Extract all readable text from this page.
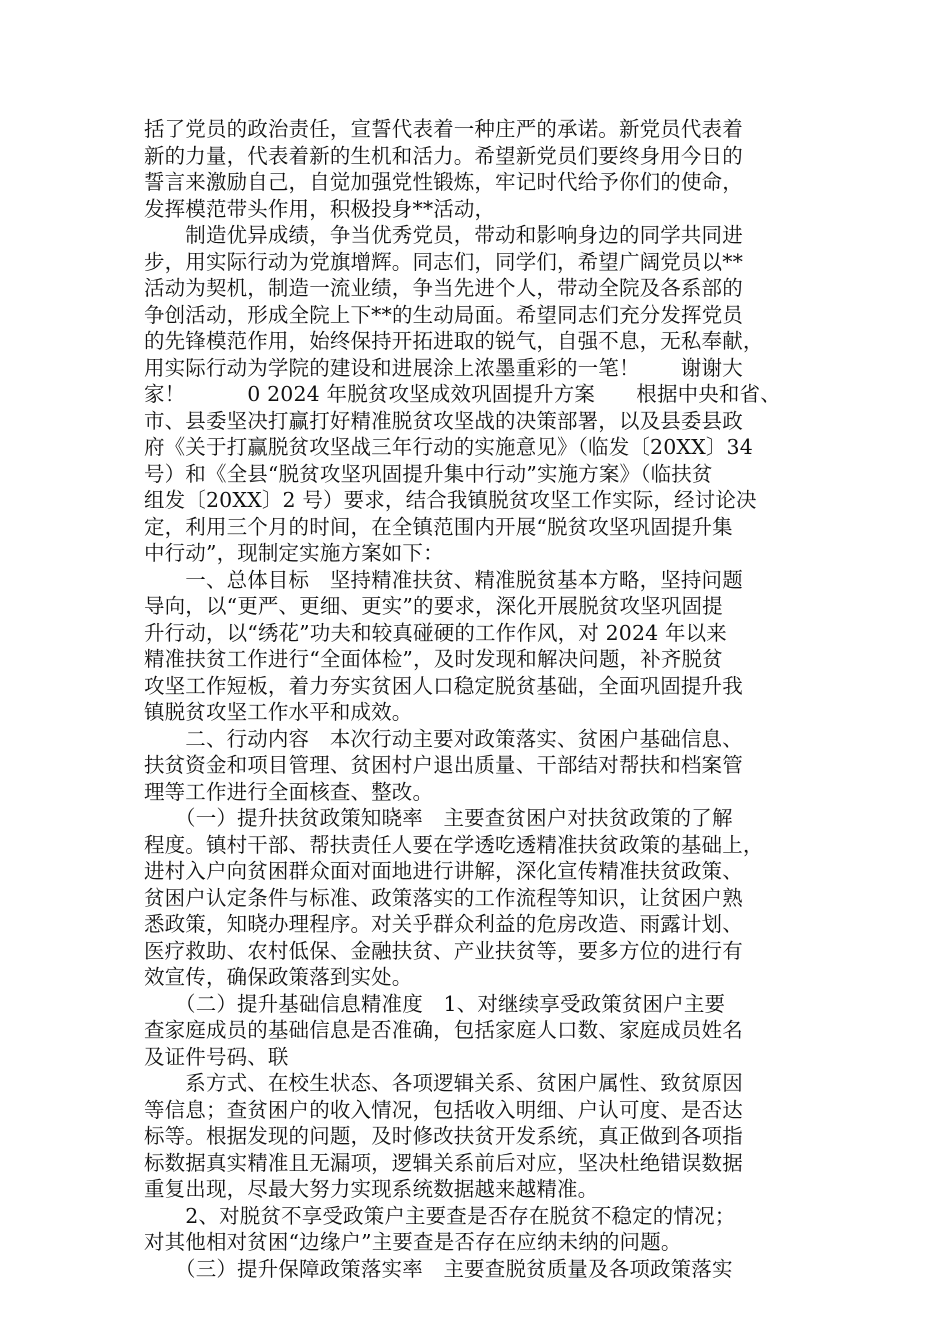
括了党员的政治责任，宣誓代表着一种庄严的承诺。新党员代表着
新的力量，代表着新的生机和活力。希望新党员们要终身用今日的
誓言来激励自己，自觉加强党性锻炼，牢记时代给予你们的使命，
发挥模范带头作用，积极投身**活动，
　　制造优异成绩，争当优秀党员，带动和影响身边的同学共同进
步，用实际行动为党旗增辉。同志们，同学们，希望广阔党员以**
活动为契机，制造一流业绩，争当先进个人，带动全院及各系部的
争创活动，形成全院上下**的生动局面。希望同志们充分发挥党员
的先锋模范作用，始终保持开拓进取的锐气，自强不息，无私奉献，
用实际行动为学院的建设和进展涂上浓墨重彩的一笔！　　谢谢大
家！　　　0 2024 年脱贫攻坚成效巩固提升方案　　根据中央和省、
市、县委坚决打赢打好精准脱贫攻坚战的决策部署，以及县委县政
府《关于打赢脱贫攻坚战三年行动的实施意见》（临发〔20XX〕34
号）和《全县“脱贫攻坚巩固提升集中行动”实施方案》（临扶贫
组发〔20XX〕2 号）要求，结合我镇脱贫攻坚工作实际，经讨论决
定，利用三个月的时间，在全镇范围内开展“脱贫攻坚巩固提升集
中行动”，现制定实施方案如下：
　　一、总体目标　坚持精准扶贫、精准脱贫基本方略，坚持问题
导向，以“更严、更细、更实”的要求，深化开展脱贫攻坚巩固提
升行动，以“绣花”功夫和较真碰硬的工作作风，对 2024 年以来
精准扶贫工作进行“全面体检”，及时发现和解决问题，补齐脱贫
攻坚工作短板，着力夯实贫困人口稳定脱贫基础，全面巩固提升我
镇脱贫攻坚工作水平和成效。
　　二、行动内容　本次行动主要对政策落实、贫困户基础信息、
扶贫资金和项目管理、贫困村户退出质量、干部结对帮扶和档案管
理等工作进行全面核查、整改。
　　（一）提升扶贫政策知晓率　主要查贫困户对扶贫政策的了解
程度。镇村干部、帮扶责任人要在学透吃透精准扶贫政策的基础上，
进村入户向贫困群众面对面地进行讲解，深化宣传精准扶贫政策、
贫困户认定条件与标准、政策落实的工作流程等知识，让贫困户熟
悉政策，知晓办理程序。对关乎群众利益的危房改造、雨露计划、
医疗救助、农村低保、金融扶贫、产业扶贫等，要多方位的进行有
效宣传，确保政策落到实处。
　　（二）提升基础信息精准度　1、对继续享受政策贫困户主要
查家庭成员的基础信息是否准确，包括家庭人口数、家庭成员姓名
及证件号码、联
　　系方式、在校生状态、各项逻辑关系、贫困户属性、致贫原因
等信息；查贫困户的收入情况，包括收入明细、户认可度、是否达
标等。根据发现的问题，及时修改扶贫开发系统，真正做到各项指
标数据真实精准且无漏项，逻辑关系前后对应，坚决杜绝错误数据
重复出现，尽最大努力实现系统数据越来越精准。
　　2、对脱贫不享受政策户主要查是否存在脱贫不稳定的情况；
对其他相对贫困“边缘户”主要查是否存在应纳未纳的问题。
　　（三）提升保障政策落实率　主要查脱贫质量及各项政策落实
